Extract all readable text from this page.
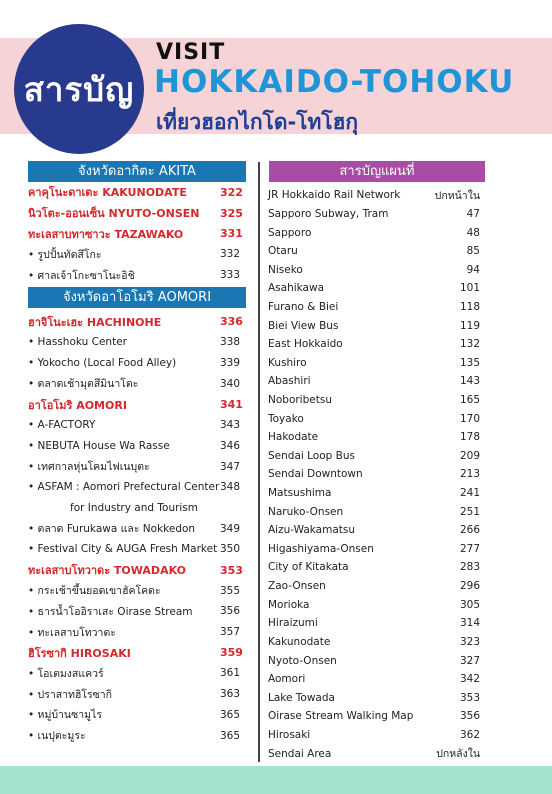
สารบัญ
VISIT
HOKKAIDO-TOHOKU
เที่ยวฮอกไกโด-โทโฮกุ
จังหวัดอากิตะ AKITA
คาคุโนะดาเตะ KAKUNODATE	322
นิวโตะ-ออนเซ็น NYUTO-ONSEN 325
ทะเลสาบทาซาวะ TAZAWAKO	331
• รูปปั้นทัตสึโกะ	332
• ศาลเจ้าโกะซาโนะอิชิ	333
จังหวัดอาโอโมริ AOMORI
ฮาจิโนะเฮะ HACHINOHE	336
• Hasshoku Center	338
• Yokocho (Local Food Alley)	339
• ตลาดเช้ามุตสึมินาโตะ	340
อาโอโมริ AOMORI	341
• A-FACTORY	343
• NEBUTA House Wa Rasse	346
• เทศกาลหุ่นโคมไฟเนบุตะ	347
• ASFAM : Aomori Prefectural Center 348
for Industry and Tourism
• ตลาด Furukawa และ Nokkedon 349
• Festival City & AUGA Fresh Market 350
ทะเลสาบโทวาดะ TOWADAKO	353
• กระเช้าขึ้นยอดเขาฮัคโคดะ	355
• ธารน้ำโออิราเสะ Oirase Stream	356
• ทะเลสาบโทวาดะ	357
ฮิโรซากิ HIROSAKI	359
• โอเตมงสแควร์	361
• ปราสาทฮิโรซากิ	363
• หมู่บ้านซามูไร	365
• เนปุตะมูระ	365
สารบัญแผนที่
JR Hokkaido Rail Network	ปกหน้าใน
Sapporo Subway, Tram	47
Sapporo	48
Otaru	85
Niseko	94
Asahikawa	101
Furano & Biei	118
Biei View Bus	119
East Hokkaido	132
Kushiro	135
Abashiri	143
Noboribetsu	165
Toyako	170
Hakodate	178
Sendai Loop Bus	209
Sendai Downtown	213
Matsushima	241
Naruko-Onsen	251
Aizu-Wakamatsu	266
Higashiyama-Onsen	277
City of Kitakata	283
Zao-Onsen	296
Morioka	305
Hiraizumi	314
Kakunodate	323
Nyoto-Onsen	327
Aomori	342
Lake Towada	353
Oirase Stream Walking Map	356
Hirosaki	362
Sendai Area	ปกหลังใน
